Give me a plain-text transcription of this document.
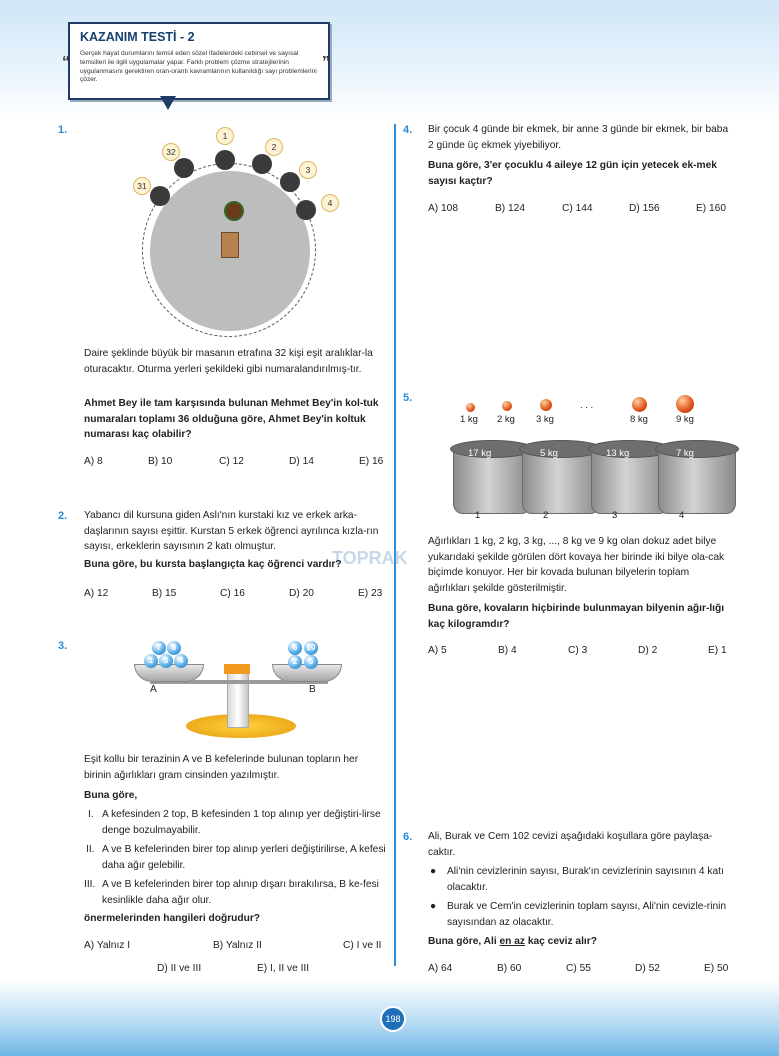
KAZANIM TESTİ - 2
Gerçek hayat durumlarını temsil eden sözel ifadelerdeki cebirsel ve sayısal temsilleri ile ilgili uygulamalar yapar. Farklı problem çözme stratejilerinin uygulanmasını gerektiren oran-orantı kavramlarının kullanıldığı sayı problemlerini çözer.
“	”
TOPRAK
1.
32
1
2
3
31
4
Daire şeklinde büyük bir masanın etrafına 32 kişi eşit aralıklar-la oturacaktır. Oturma yerleri şekildeki gibi numaralandırılmış-tır.
Ahmet Bey ile tam karşısında bulunan Mehmet Bey'in kol-tuk numaraları toplamı 36 olduğuna göre, Ahmet Bey'in koltuk numarası kaç olabilir?
A) 8	B) 10	C) 12	D) 14	E) 16
2. Yabancı dil kursuna giden Aslı'nın kurstaki kız ve erkek arka-daşlarının sayısı eşittir. Kurstan 5 erkek öğrenci ayrılınca kızla-rın sayısı, erkeklerin sayısının 2 katı olmuştur.
Buna göre, bu kursta başlangıçta kaç öğrenci vardır?
A) 12	B) 15	C) 16	D) 20	E) 23
3.	7	8
1	3	4
6	10
2	5
A	B
Eşit kollu bir terazinin A ve B kefelerinde bulunan topların her birinin ağırlıkları gram cinsinden yazılmıştır.
Buna göre,
I. A kefesinden 2 top, B kefesinden 1 top alınıp yer değiştiri-lirse denge bozulmayabilir.
II. A ve B kefelerinden birer top alınıp yerleri değiştirilirse, A kefesi daha ağır gelebilir.
III. A ve B kefelerinden birer top alınıp dışarı bırakılırsa, B ke-fesi kesinlikle daha ağır olur.
önermelerinden hangileri doğrudur?
A) Yalnız I	B) Yalnız II	C) I ve II
D) II ve III	E) I, II ve III
4. Bir çocuk 4 günde bir ekmek, bir anne 3 günde bir ekmek, bir baba 2 günde üç ekmek yiyebiliyor.
Buna göre, 3'er çocuklu 4 aileye 12 gün için yetecek ek-mek sayısı kaçtır?
A) 108	B) 124	C) 144	D) 156	E) 160
5.
1 kg 2 kg 3 kg
. . .
8 kg	9 kg
17 kg
1
5 kg
2
13 kg
3
7 kg
4
Ağırlıkları 1 kg, 2 kg, 3 kg, ..., 8 kg ve 9 kg olan dokuz adet bilye yukarıdaki şekilde görülen dört kovaya her birinde iki bilye ola-cak biçimde konuyor. Her bir kovada bulunan bilyelerin toplam ağırlıkları şekilde gösterilmiştir.
Buna göre, kovaların hiçbirinde bulunmayan bilyenin ağır-lığı kaç kilogramdır?
A) 5	B) 4	C) 3	D) 2	E) 1
6. Ali, Burak ve Cem 102 cevizi aşağıdaki koşullara göre paylaşa-caktır.
● Ali'nin cevizlerinin sayısı, Burak'ın cevizlerinin sayısının 4 katı olacaktır.
● Burak ve Cem'in cevizlerinin toplam sayısı, Ali'nin cevizle-rinin sayısından az olacaktır.
Buna göre, Ali en az kaç ceviz alır?
A) 64	B) 60	C) 55	D) 52	E) 50
198
